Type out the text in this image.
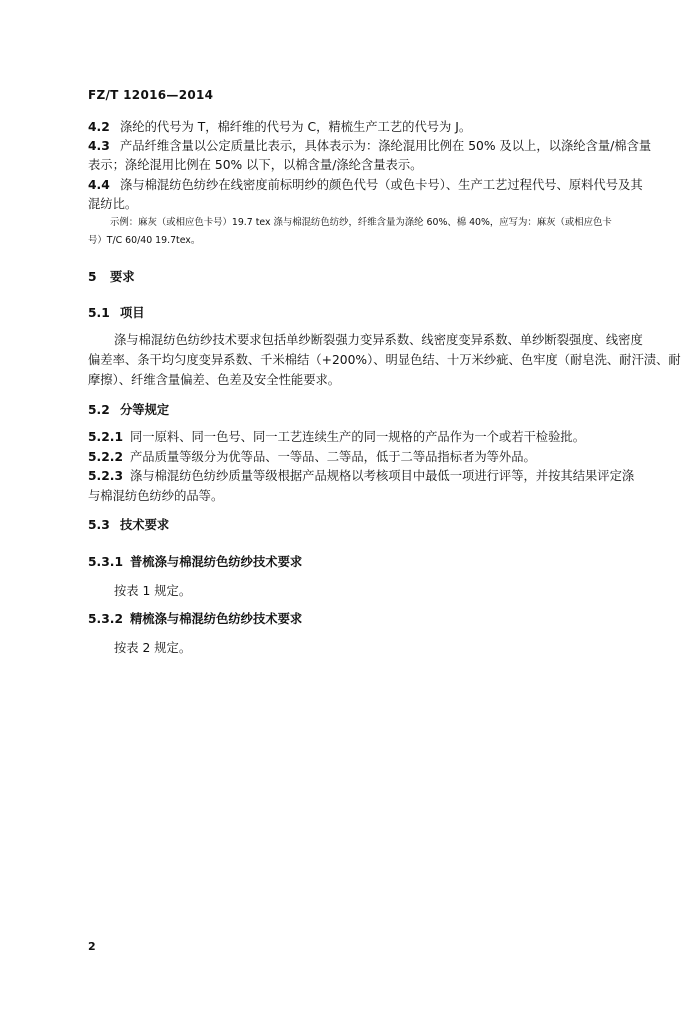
FZ/T 12016—2014
4.2 涤纶的代号为 T，棉纤维的代号为 C，精梳生产工艺的代号为 J。
4.3 产品纤维含量以公定质量比表示，具体表示为：涤纶混用比例在 50% 及以上，以涤纶含量/棉含量
表示；涤纶混用比例在 50% 以下，以棉含量/涤纶含量表示。
4.4 涤与棉混纺色纺纱在线密度前标明纱的颜色代号（或色卡号）、生产工艺过程代号、原料代号及其
混纺比。
示例：麻灰（或相应色卡号）19.7 tex 涤与棉混纺色纺纱，纤维含量为涤纶 60%、棉 40%，应写为：麻灰（或相应色卡
号）T/C 60/40 19.7tex。
5 要求
5.1 项目
涤与棉混纺色纺纱技术要求包括单纱断裂强力变异系数、线密度变异系数、单纱断裂强度、线密度
偏差率、条干均匀度变异系数、千米棉结（+200%）、明显色结、十万米纱疵、色牢度（耐皂洗、耐汗渍、耐
摩擦）、纤维含量偏差、色差及安全性能要求。
5.2 分等规定
5.2.1 同一原料、同一色号、同一工艺连续生产的同一规格的产品作为一个或若干检验批。
5.2.2 产品质量等级分为优等品、一等品、二等品，低于二等品指标者为等外品。
5.2.3 涤与棉混纺色纺纱质量等级根据产品规格以考核项目中最低一项进行评等，并按其结果评定涤
与棉混纺色纺纱的品等。
5.3 技术要求
5.3.1 普梳涤与棉混纺色纺纱技术要求
按表 1 规定。
5.3.2 精梳涤与棉混纺色纺纱技术要求
按表 2 规定。
2
